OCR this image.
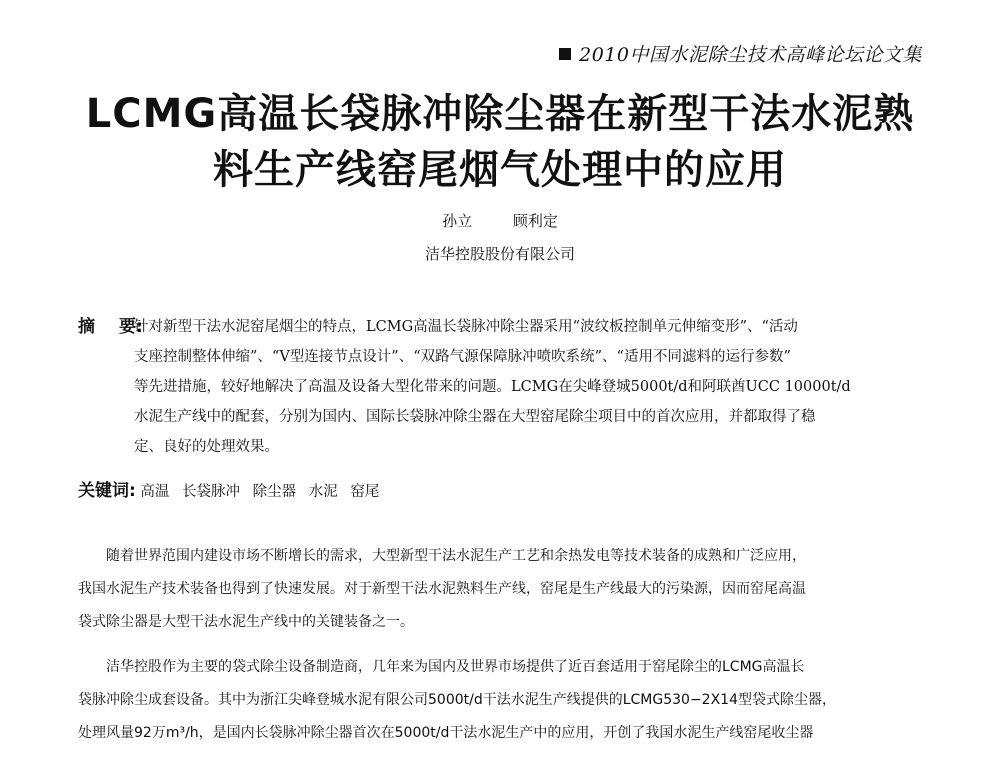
2010中国水泥除尘技术高峰论坛论文集
LCMG高温长袋脉冲除尘器在新型干法水泥熟
料生产线窑尾烟气处理中的应用
孙立	顾利定
洁华控股股份有限公司
摘 要:
针对新型干法水泥窑尾烟尘的特点，LCMG高温长袋脉冲除尘器采用“波纹板控制单元伸缩变形”、“活动
支座控制整体伸缩”、“V型连接节点设计”、“双路气源保障脉冲喷吹系统”、“适用不同滤料的运行参数”
等先进措施，较好地解决了高温及设备大型化带来的问题。LCMG在尖峰登城5000t/d和阿联酋UCC 10000t/d
水泥生产线中的配套，分别为国内、国际长袋脉冲除尘器在大型窑尾除尘项目中的首次应用，并都取得了稳
定、良好的处理效果。
关键词: 高温 长袋脉冲 除尘器 水泥 窑尾
随着世界范围内建设市场不断增长的需求，大型新型干法水泥生产工艺和余热发电等技术装备的成熟和广泛应用，
我国水泥生产技术装备也得到了快速发展。对于新型干法水泥熟料生产线，窑尾是生产线最大的污染源，因而窑尾高温
袋式除尘器是大型干法水泥生产线中的关键装备之一。
洁华控股作为主要的袋式除尘设备制造商，几年来为国内及世界市场提供了近百套适用于窑尾除尘的LCMG高温长
袋脉冲除尘成套设备。其中为浙江尖峰登城水泥有限公司5000t/d干法水泥生产线提供的LCMG530−2X14型袋式除尘器，
处理风量92万m³/h，是国内长袋脉冲除尘器首次在5000t/d干法水泥生产中的应用，开创了我国水泥生产线窑尾收尘器
